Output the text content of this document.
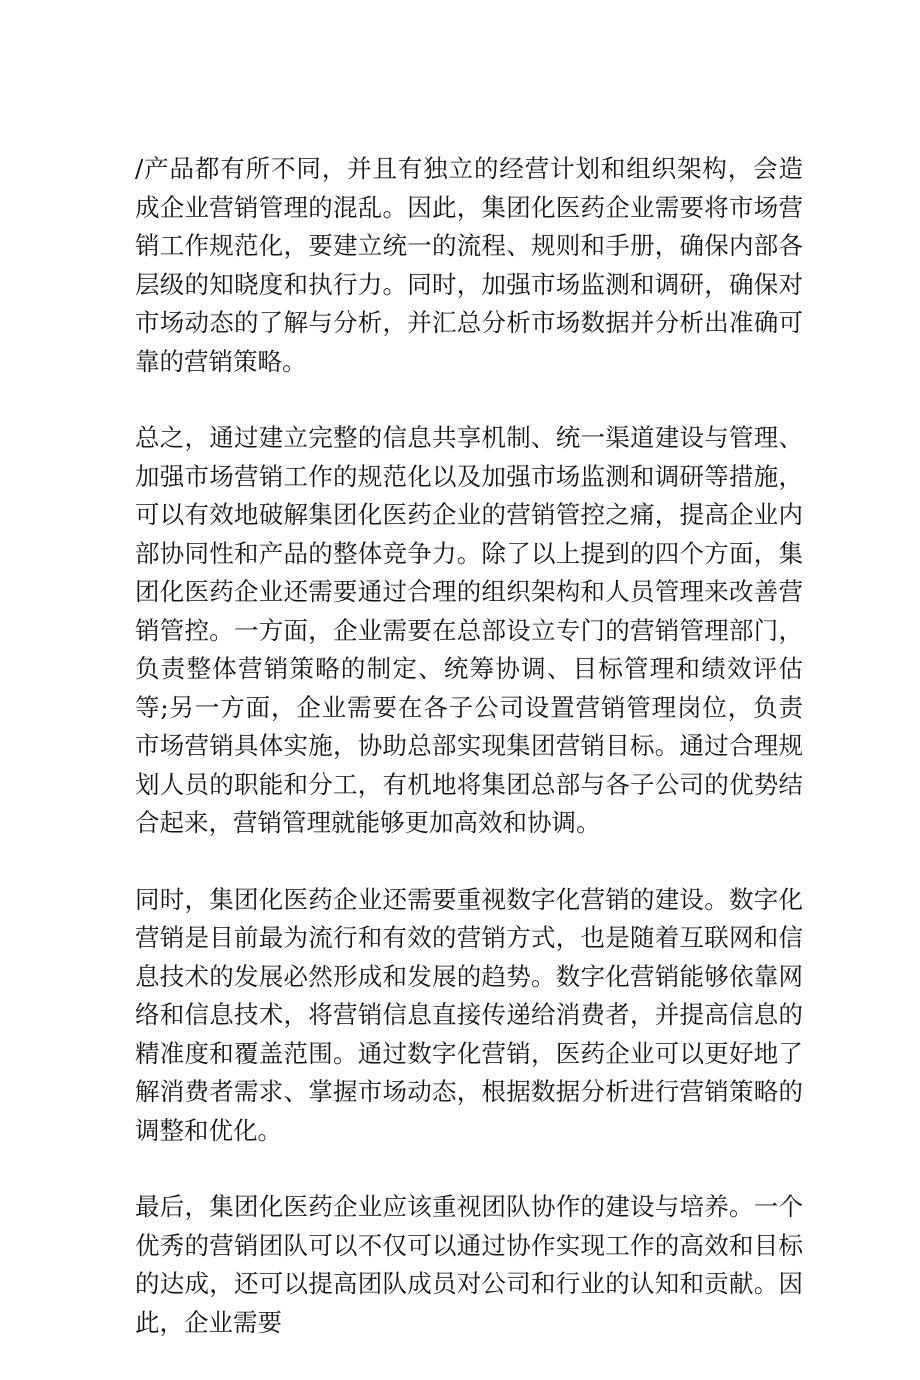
/产品都有所不同，并且有独立的经营计划和组织架构，会造成企业营销管理的混乱。因此，集团化医药企业需要将市场营销工作规范化，要建立统一的流程、规则和手册，确保内部各层级的知晓度和执行力。同时，加强市场监测和调研，确保对市场动态的了解与分析，并汇总分析市场数据并分析出准确可靠的营销策略。

总之，通过建立完整的信息共享机制、统一渠道建设与管理、加强市场营销工作的规范化以及加强市场监测和调研等措施，可以有效地破解集团化医药企业的营销管控之痛，提高企业内部协同性和产品的整体竞争力。除了以上提到的四个方面，集团化医药企业还需要通过合理的组织架构和人员管理来改善营销管控。一方面，企业需要在总部设立专门的营销管理部门，负责整体营销策略的制定、统筹协调、目标管理和绩效评估等;另一方面，企业需要在各子公司设置营销管理岗位，负责市场营销具体实施，协助总部实现集团营销目标。通过合理规划人员的职能和分工，有机地将集团总部与各子公司的优势结合起来，营销管理就能够更加高效和协调。

同时，集团化医药企业还需要重视数字化营销的建设。数字化营销是目前最为流行和有效的营销方式，也是随着互联网和信息技术的发展必然形成和发展的趋势。数字化营销能够依靠网络和信息技术，将营销信息直接传递给消费者，并提高信息的精准度和覆盖范围。通过数字化营销，医药企业可以更好地了解消费者需求、掌握市场动态，根据数据分析进行营销策略的调整和优化。

最后，集团化医药企业应该重视团队协作的建设与培养。一个优秀的营销团队可以不仅可以通过协作实现工作的高效和目标的达成，还可以提高团队成员对公司和行业的认知和贡献。因此，企业需要
